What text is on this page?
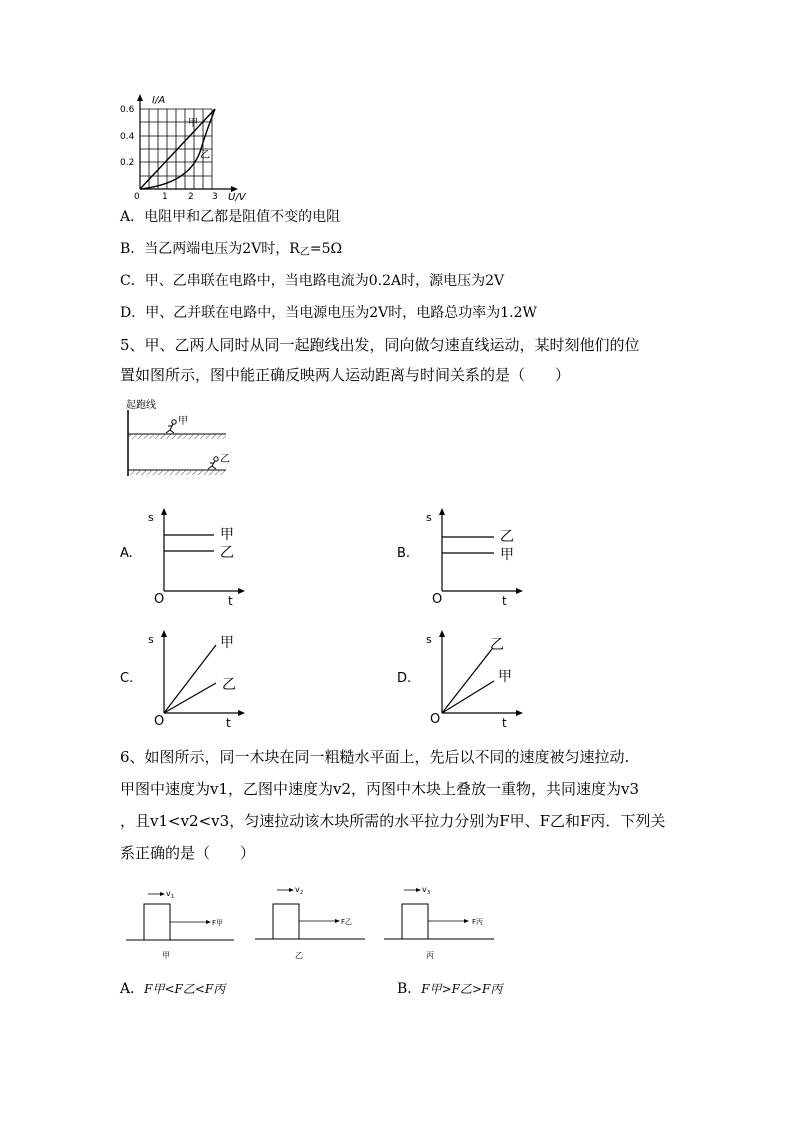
I/A
U/V
0.6
0.4
0.2
0 1 2 3
甲
乙
A．电阻甲和乙都是阻值不变的电阻
B．当乙两端电压为2V时，$R_乙=5\Omega$
C．甲、乙串联在电路中，当电路电流为0.2A时，源电压为2V
D．甲、乙并联在电路中，当电源电压为2V时，电路总功率为1.2W
5、甲、乙两人同时从同一起跑线出发，同向做匀速直线运动，某时刻他们的位
置如图所示，图中能正确反映两人运动距离与时间关系的是（　　）
起跑线
甲
乙
A.
s
t
O
甲
乙	B.
s
t
O
乙
甲
C.
s
t
O
甲
乙	D.
s
t
O
乙
甲
6、如图所示，同一木块在同一粗糙水平面上，先后以不同的速度被匀速拉动.
甲图中速度为v1，乙图中速度为v2，丙图中木块上叠放一重物，共同速度为v3
，且v1<v2<v3，匀速拉动该木块所需的水平拉力分别为F甲、F乙和F丙．下列关
系正确的是（　　）
v 1
F甲
甲
v 2
F乙
乙
v 3
F丙
丙
A．F甲<F乙<F丙	B．F甲>F乙>F丙
